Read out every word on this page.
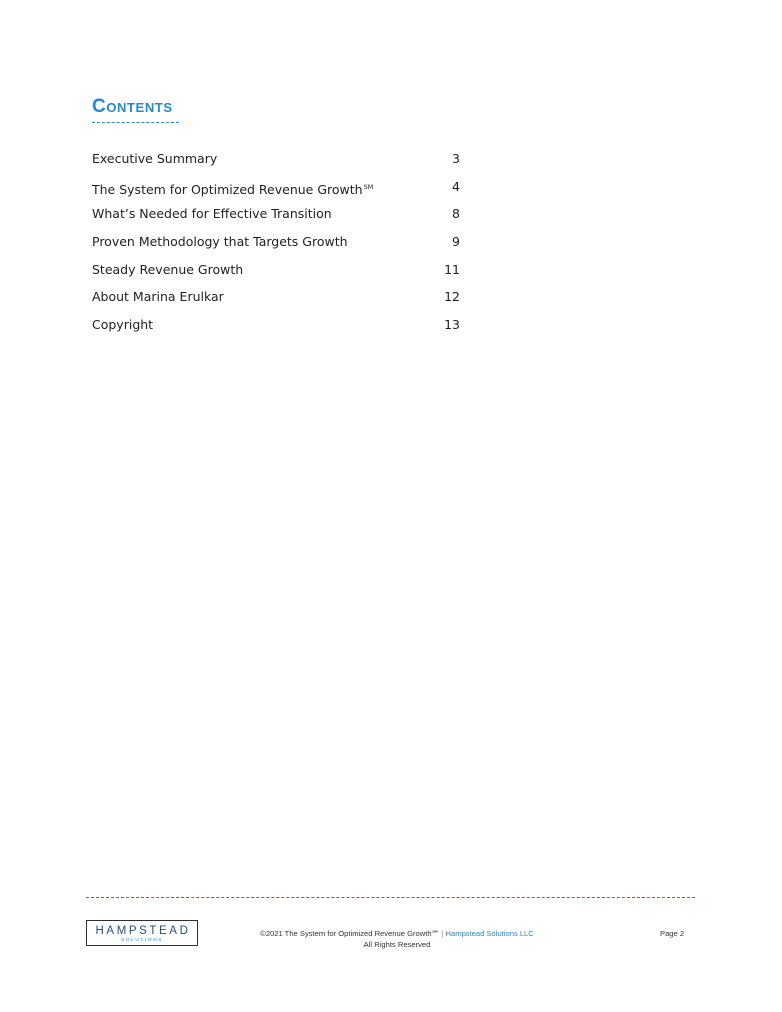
Contents
Executive Summary	3
The System for Optimized Revenue Growth℠	4
What’s Needed for Effective Transition	8
Proven Methodology that Targets Growth	9
Steady Revenue Growth	11
About Marina Erulkar	12
Copyright	13
HAMPSTEAD
SOLUTIONS
©2021 The System for Optimized Revenue Growth℠ | Hampstead Solutions LLC
All Rights Reserved
Page 2
